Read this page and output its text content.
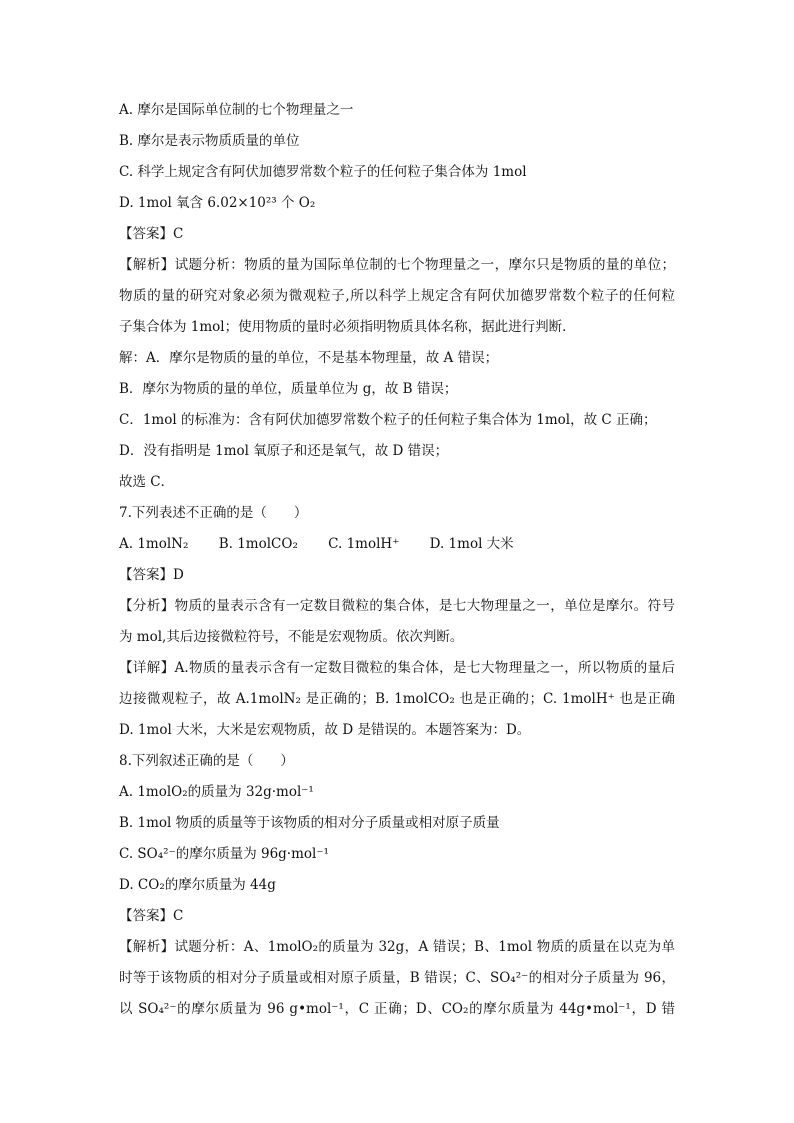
A. 摩尔是国际单位制的七个物理量之一
B. 摩尔是表示物质质量的单位
C. 科学上规定含有阿伏加德罗常数个粒子的任何粒子集合体为 1mol
D. 1mol 氧含 6.02×10²³ 个 O₂
【答案】C
【解析】试题分析：物质的量为国际单位制的七个物理量之一，摩尔只是物质的量的单位；
物质的量的研究对象必须为微观粒子,所以科学上规定含有阿伏加德罗常数个粒子的任何粒
子集合体为 1mol；使用物质的量时必须指明物质具体名称，据此进行判断．
解：A．摩尔是物质的量的单位，不是基本物理量，故 A 错误；
B．摩尔为物质的量的单位，质量单位为 g，故 B 错误；
C．1mol 的标准为：含有阿伏加德罗常数个粒子的任何粒子集合体为 1mol，故 C 正确；
D．没有指明是 1mol 氧原子和还是氧气，故 D 错误；
故选 C．
7.下列表述不正确的是（　　）
A. 1molN₂ B. 1molCO₂ C. 1molH⁺ D. 1mol 大米
【答案】D
【分析】物质的量表示含有一定数目微粒的集合体，是七大物理量之一，单位是摩尔。符号
为 mol,其后边接微粒符号，不能是宏观物质。依次判断。
【详解】A.物质的量表示含有一定数目微粒的集合体，是七大物理量之一，所以物质的量后
边接微观粒子，故 A.1molN₂ 是正确的；B. 1molCO₂ 也是正确的；C. 1molH⁺ 也是正确
D. 1mol 大米，大米是宏观物质，故 D 是错误的。本题答案为：D。
8.下列叙述正确的是（　　）
A. 1molO₂的质量为 32g·mol⁻¹
B. 1mol 物质的质量等于该物质的相对分子质量或相对原子质量
C. SO₄²⁻的摩尔质量为 96g·mol⁻¹
D. CO₂的摩尔质量为 44g
【答案】C
【解析】试题分析：A、1molO₂的质量为 32g，A 错误；B、1mol 物质的质量在以克为单
时等于该物质的相对分子质量或相对原子质量，B 错误；C、SO₄²⁻的相对分子质量为 96，
以 SO₄²⁻的摩尔质量为 96 g•mol⁻¹，C 正确；D、CO₂的摩尔质量为 44g•mol⁻¹，D 错
